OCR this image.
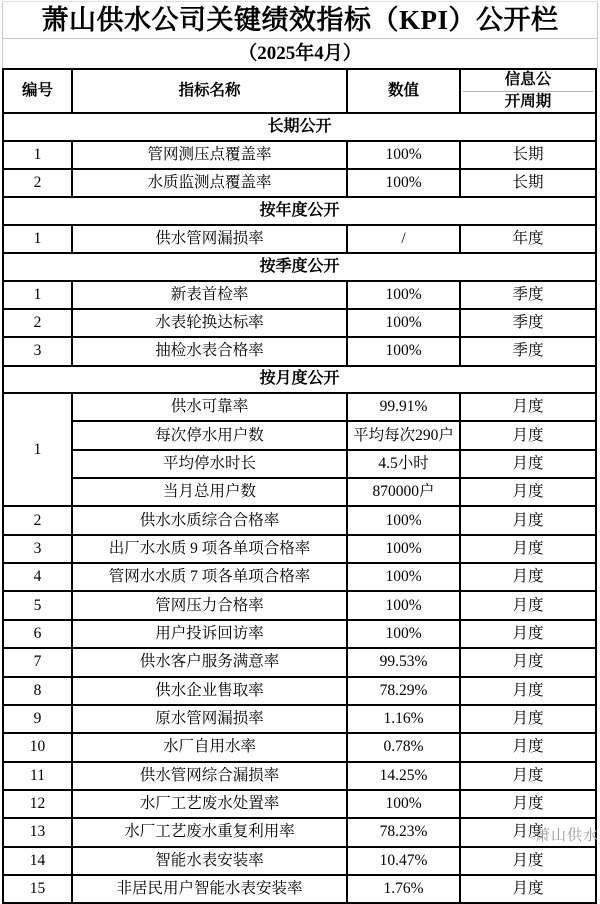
萧山供水公司关键绩效指标（KPI）公开栏
（2025年4月）
编号	指标名称	数值	信息公
开周期

长期公开			
1	管网测压点覆盖率	100%	长期
2	水质监测点覆盖率	100%	长期
按年度公开			
1	供水管网漏损率	/	年度
按季度公开			
1	新表首检率	100%	季度
2	水表轮换达标率	100%	季度
3	抽检水表合格率	100%	季度
按月度公开			
1	供水可靠率	99.91%	月度
	每次停水用户数	平均每次290户	月度
	平均停水时长	4.5小时	月度
	当月总用户数	870000户	月度
2	供水水质综合合格率	100%	月度
3	出厂水水质 9 项各单项合格率	100%	月度
4	管网水水质 7 项各单项合格率	100%	月度
5	管网压力合格率	100%	月度
6	用户投诉回访率	100%	月度
7	供水客户服务满意率	99.53%	月度
8	供水企业售取率	78.29%	月度
9	原水管网漏损率	1.16%	月度
10	水厂自用水率	0.78%	月度
11	供水管网综合漏损率	14.25%	月度
12	水厂工艺废水处置率	100%	月度
13	水厂工艺废水重复利用率	78.23%	月度
14	智能水表安装率	10.47%	月度
15	非居民用户智能水表安装率	1.76%	月度
萧山供水
